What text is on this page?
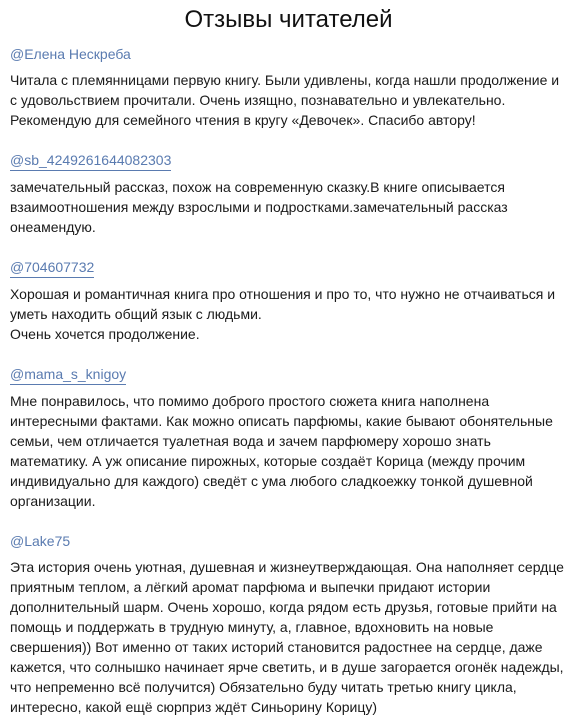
Отзывы читателей
@Елена Нескреба

Читала с племянницами первую книгу. Были удивлены, когда нашли продолжение и с удовольствием прочитали. Очень изящно, познавательно и увлекательно. Рекомендую для семейного чтения в кругу «Девочек». Спасибо автору!

@sb_4249261644082303

замечательный рассказ, похож на современную сказку.В книге описывается взаимоотношения между взрослыми и подростками.замечательный рассказ онеамендую.

@704607732

Хорошая и романтичная книга про отношения и про то, что нужно не отчаиваться и уметь находить общий язык с людьми.
Очень хочется продолжение.

@mama_s_knigoy

Мне понравилось, что помимо доброго простого сюжета книга наполнена интересными фактами. Как можно описать парфюмы, какие бывают обонятельные семьи, чем отличается туалетная вода и зачем парфюмеру хорошо знать математику. А уж описание пирожных, которые создаёт Корица (между прочим индивидуально для каждого) сведёт с ума любого сладкоежку тонкой душевной организации.

@Lake75

Эта история очень уютная, душевная и жизнеутверждающая. Она наполняет сердце приятным теплом, а лёгкий аромат парфюма и выпечки придают истории дополнительный шарм. Очень хорошо, когда рядом есть друзья, готовые прийти на помощь и поддержать в трудную минуту, а, главное, вдохновить на новые свершения)) Вот именно от таких историй становится радостнее на сердце, даже кажется, что солнышко начинает ярче светить, и в душе загорается огонёк надежды, что непременно всё получится) Обязательно буду читать третью книгу цикла, интересно, какой ещё сюрприз ждёт Синьорину Корицу)
